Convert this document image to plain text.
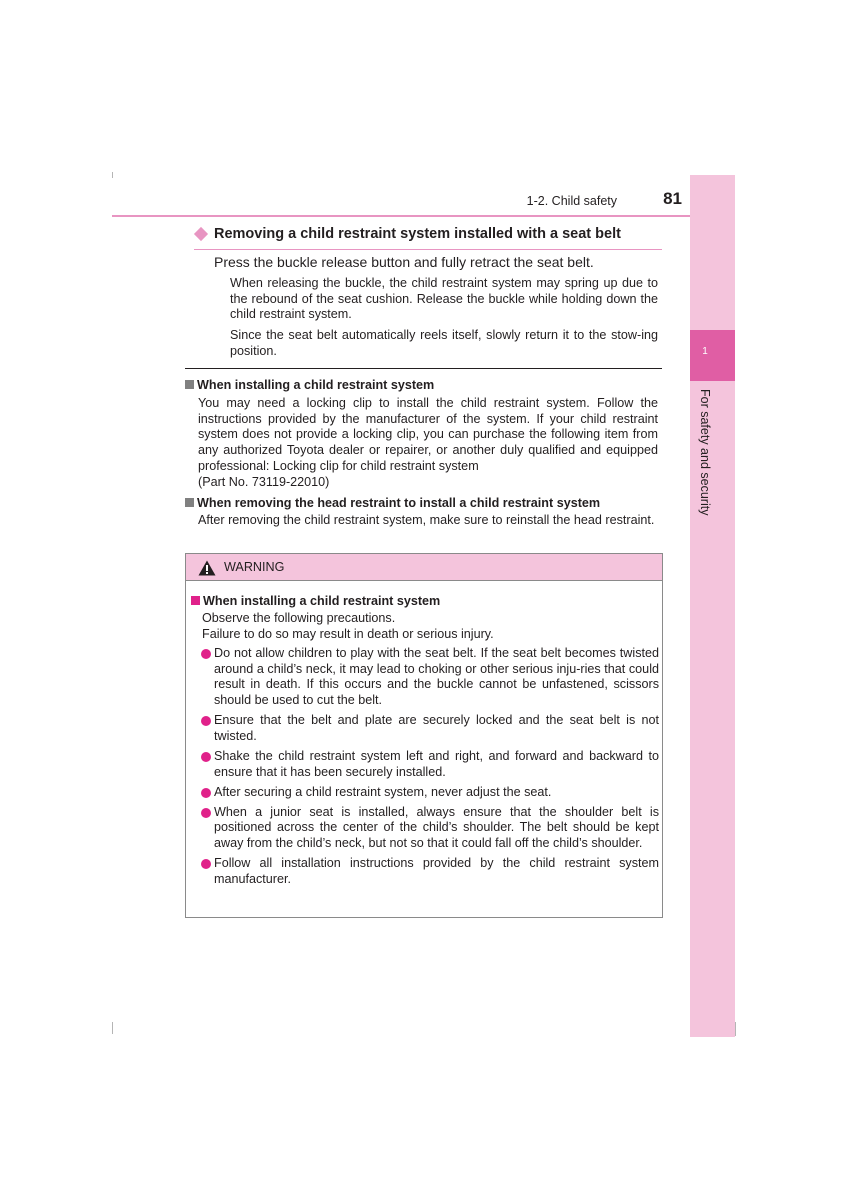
1
For safety and security
1-2. Child safety	81
Removing a child restraint system installed with a seat belt
Press the buckle release button and fully retract the seat belt.
When releasing the buckle, the child restraint system may spring up due to the rebound of the seat cushion. Release the buckle while holding down the child restraint system.
Since the seat belt automatically reels itself, slowly return it to the stow-ing position.
When installing a child restraint system
You may need a locking clip to install the child restraint system. Follow the instructions provided by the manufacturer of the system. If your child restraint system does not provide a locking clip, you can purchase the following item from any authorized Toyota dealer or repairer, or another duly qualified and equipped professional: Locking clip for child restraint system
(Part No. 73119-22010)
When removing the head restraint to install a child restraint system
After removing the child restraint system, make sure to reinstall the head restraint.
WARNING
When installing a child restraint system
Observe the following precautions.
Failure to do so may result in death or serious injury.
Do not allow children to play with the seat belt. If the seat belt becomes twisted around a child’s neck, it may lead to choking or other serious inju-ries that could result in death. If this occurs and the buckle cannot be unfastened, scissors should be used to cut the belt.
Ensure that the belt and plate are securely locked and the seat belt is not twisted.
Shake the child restraint system left and right, and forward and backward to ensure that it has been securely installed.
After securing a child restraint system, never adjust the seat.
When a junior seat is installed, always ensure that the shoulder belt is positioned across the center of the child’s shoulder. The belt should be kept away from the child’s neck, but not so that it could fall off the child’s shoulder.
Follow all installation instructions provided by the child restraint system manufacturer.
